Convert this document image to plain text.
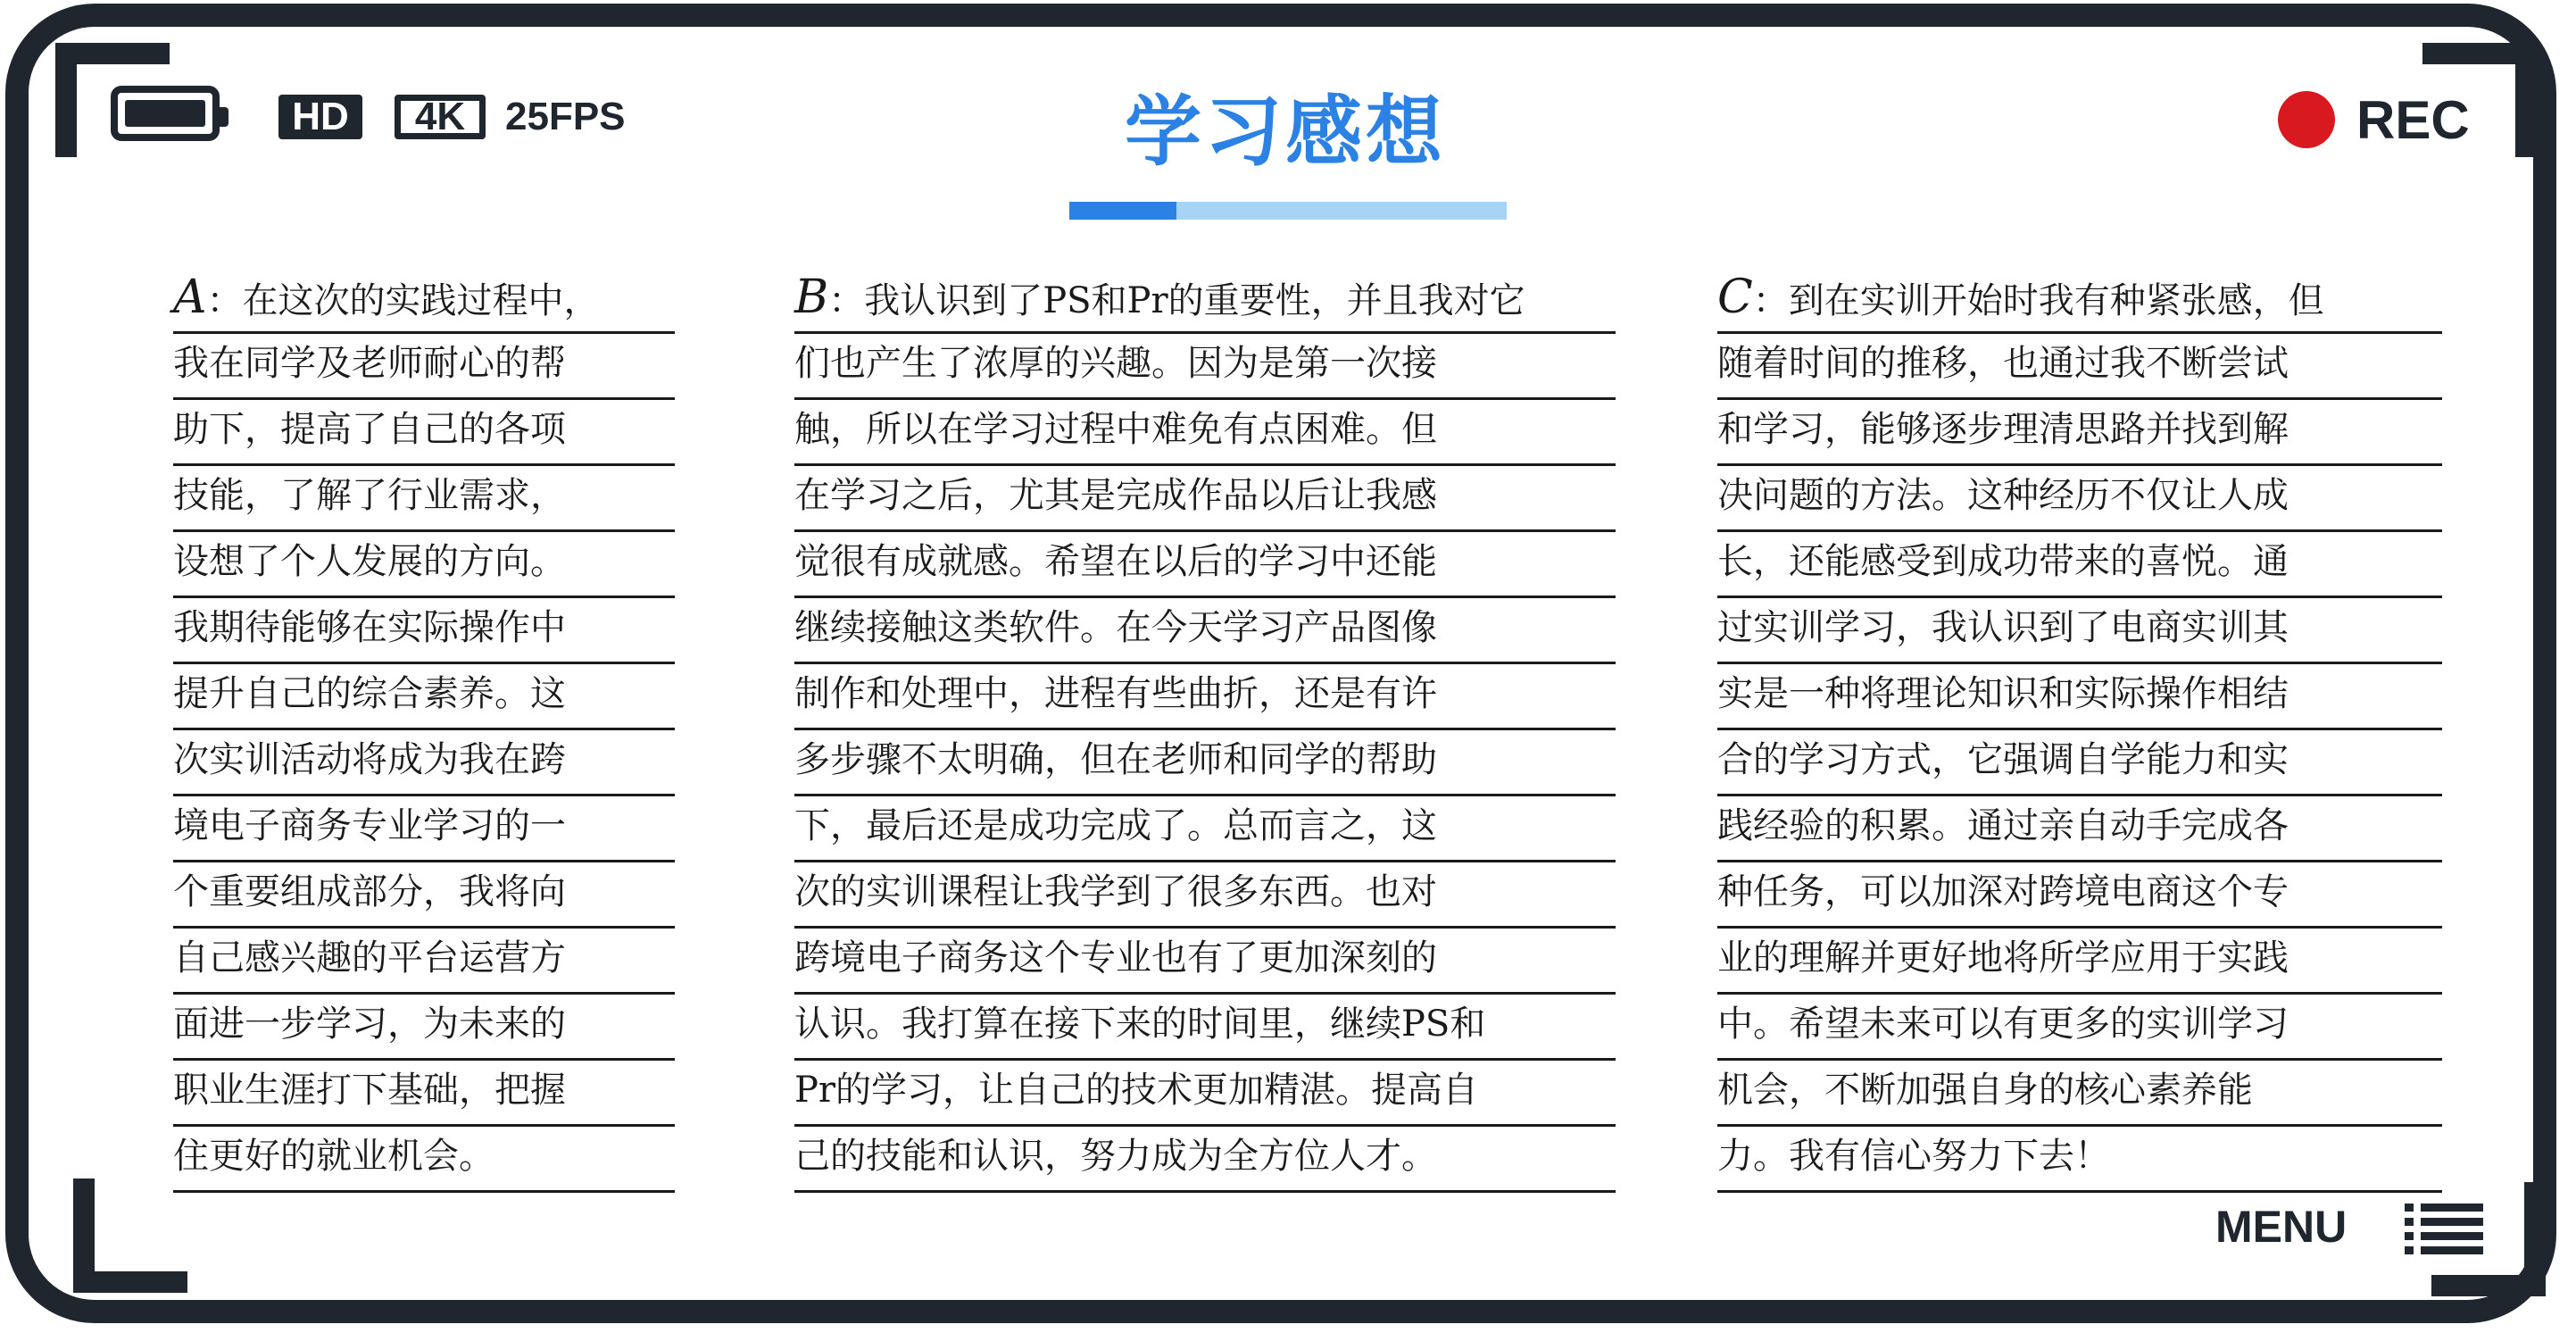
HD	4K	25FPS	学习感想	REC
MENU
A：在这次的实践过程中，
我在同学及老师耐心的帮
助下，提高了自己的各项
技能，了解了行业需求，
设想了个人发展的方向。
我期待能够在实际操作中
提升自己的综合素养。这
次实训活动将成为我在跨
境电子商务专业学习的一
个重要组成部分，我将向
自己感兴趣的平台运营方
面进一步学习，为未来的
职业生涯打下基础，把握
住更好的就业机会。
B：我认识到了PS和Pr的重要性，并且我对它
们也产生了浓厚的兴趣。因为是第一次接
触，所以在学习过程中难免有点困难。但
在学习之后，尤其是完成作品以后让我感
觉很有成就感。希望在以后的学习中还能
继续接触这类软件。在今天学习产品图像
制作和处理中，进程有些曲折，还是有许
多步骤不太明确，但在老师和同学的帮助
下，最后还是成功完成了。总而言之，这
次的实训课程让我学到了很多东西。也对
跨境电子商务这个专业也有了更加深刻的
认识。我打算在接下来的时间里，继续PS和
Pr的学习，让自己的技术更加精湛。提高自
己的技能和认识，努力成为全方位人才。
C：到在实训开始时我有种紧张感，但
随着时间的推移，也通过我不断尝试
和学习，能够逐步理清思路并找到解
决问题的方法。这种经历不仅让人成
长，还能感受到成功带来的喜悦。通
过实训学习，我认识到了电商实训其
实是一种将理论知识和实际操作相结
合的学习方式，它强调自学能力和实
践经验的积累。通过亲自动手完成各
种任务，可以加深对跨境电商这个专
业的理解并更好地将所学应用于实践
中。希望未来可以有更多的实训学习
机会，不断加强自身的核心素养能
力。我有信心努力下去！
